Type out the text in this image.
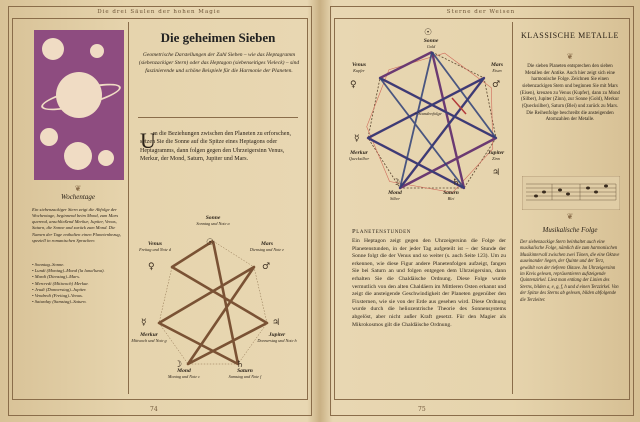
Die drei Säulen der hohen Magie
❦
Wochentage
Ein siebenzackiger Stern zeigt die Abfolge der Wochentage, beginnend beim Mond, zum Mars querend, anschließend Merkur, Jupiter, Venus, Saturn, die Sonne und zurück zum Mond. Die Namen der Tage enthalten einen Planetenbezug, speziell in romanischen Sprachen:
• Sonntag–Sonne.
• Lundi (Montag)–Mond (la luna/luna).
• Mardi (Dienstag)–Mars.
• Mercredi (Mittwoch) Merkur.
• Jeudi (Donnerstag)–Jupiter.
• Vendredi (Freitag)–Venus.
• Saturday (Samstag)–Saturn.
Die geheimen Sieben
Geometrische Darstellungen der Zahl Sieben – wie das Heptagramm (siebenzackiger Stern) oder das Heptagon (siebenseitiges Vieleck) – sind faszinierende und schöne Beispiele für die Harmonie der Planeten.
U
m die Beziehungen zwischen den Planeten zu erforschen, setzen Sie die Sonne auf die Spitze eines Heptagons oder Heptagramms, dann folgen gegen den Uhrzeigersinn Venus, Merkur, der Mond, Saturn, Jupiter und Mars.
Sonne
Sonntag und Note a
☉
Venus
Freitag und Note d
♀
Mars
Dienstag und Note e
♂
☿
Merkur
Mittwoch und Note g
♃
Jupiter
Donnerstag und Note h
☽
Mond
Montag und Note c
♄
Saturn
Samstag und Note f
74
Sterne der Weisen
= Stundenfolge
☉
Sonne
Gold
Venus
Kupfer
♀
Mars
Eisen
♂
☿
Merkur
Quecksilber
Jupiter
Zinn
♃
☽
Mond
Silber
♄
Saturn
Blei
Planetenstunden
Ein Heptagon zeigt gegen den Uhrzeigersinn die Folge der Planetenstunden, in der jeder Tag aufgeteilt ist – der Stunde der Sonne folgt die der Venus und so weiter (s. auch Seite 123). Um zu erkennen, wie diese Figur andere Planetenfolgen aufzeigt, fangen Sie bei Saturn an und folgen entgegen dem Uhrzeigersinn, dann erhalten Sie die Chaldäische Ordnung. Diese Folge wurde vermutlich von den alten Chaldäern im Mittleren Osten erkannt und zeigt die ansteigende Geschwindigkeit der Planeten gegenüber den Fixsternen, wie sie von der Erde aus gesehen wird. Diese Ordnung wurde durch die heliozentrische Theorie des Sonnensystems abgelöst, aber nicht außer Kraft gesetzt. Für den Magier als Mikrokosmos gilt die Chaldäische Ordnung.
KLASSISCHE METALLE
❦
Die sieben Planeten entsprechen den sieben Metallen der Antike. Auch hier zeigt sich eine harmonische Folge. Zeichnen Sie einen siebenzackigen Stern und beginnen Sie mit Mars (Eisen), kreuzen zu Venus (Kupfer), dann zu Mond (Silber), Jupiter (Zinn), zur Sonne (Gold), Merkur (Quecksilber), Saturn (Blei) und zurück zu Mars. Die Reihenfolge beschreibt die ansteigenden Atomzahlen der Metalle.
❦
Musikalische Folge
Der siebenzackige Stern beinhaltet auch eine musikalische Folge, nämlich die zum harmonischen Musikintervall zwischen zwei Tönen, die eine Oktave auseinander liegen, der Quinte und der Terz, gewählt von der tieferen Oktave. Im Uhrzeigersinn im Kreis gelesen, repräsentieren aufsteigende Quintenzirkel. Liest man entlang der Linien des Sterns, bilden a, e, g, f, h und d einen Terzzirkel. Von der Spitze des Sterns ab gelesen, bilden abfolgende die Terzleiter.
75
